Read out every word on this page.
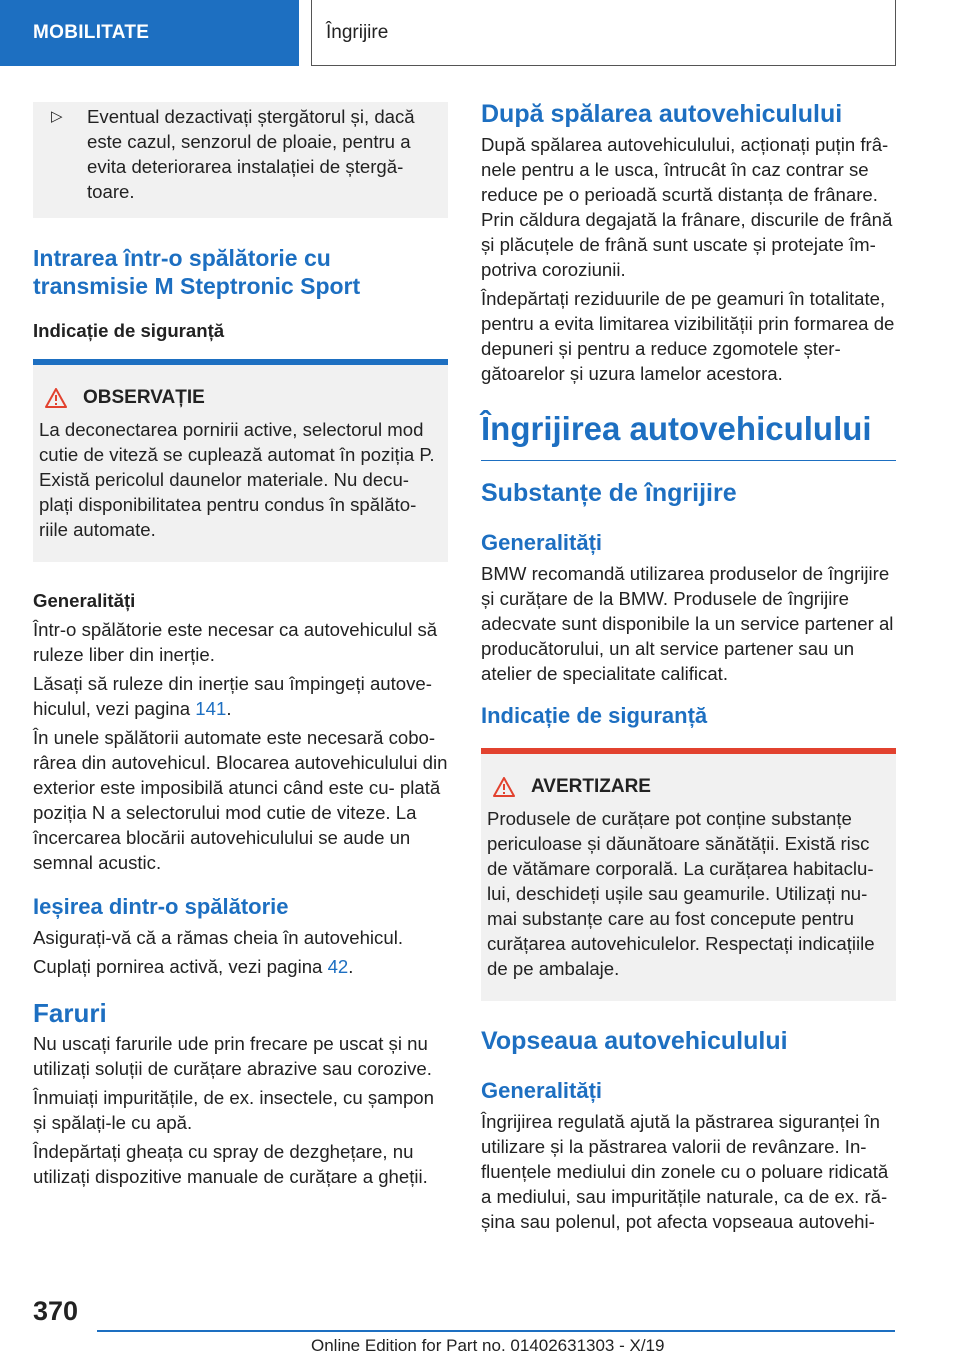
MOBILITATE	Îngrijire
▷	Eventual dezactivați ștergătorul și, dacă este cazul, senzorul de ploaie, pentru a evita deteriorarea instalației de ștergă- toare.

Intrarea într‑o spălătorie cu transmisie M Steptronic Sport

Indicație de siguranță

OBSERVAȚIE

La deconectarea pornirii active, selectorul mod cutie de viteză se cuplează automat în poziția P. Există pericolul daunelor materiale. Nu decu- plați disponibilitatea pentru condus în spălăto- riile automate.

Generalități

Într‑o spălătorie este necesar ca autovehiculul să ruleze liber din inerție.

Lăsați să ruleze din inerție sau împingeți autove- hiculul, vezi pagina 141.

În unele spălătorii automate este necesară cobo- rârea din autovehicul. Blocarea autovehiculului din exterior este imposibilă atunci când este cu- plată poziția N a selectorului mod cutie de viteze. La încercarea blocării autovehiculului se aude un semnal acustic.

Ieșirea dintr‑o spălătorie

Asigurați-vă că a rămas cheia în autovehicul.

Cuplați pornirea activă, vezi pagina 42.

Faruri

Nu uscați farurile ude prin frecare pe uscat și nu utilizați soluții de curățare abrazive sau corozive.

Înmuiați impuritățile, de ex. insectele, cu șampon și spălați-le cu apă.

Îndepărtați gheața cu spray de dezghețare, nu utilizați dispozitive manuale de curățare a gheții.

După spălarea autovehiculului

După spălarea autovehiculului, acționați puțin frâ- nele pentru a le usca, întrucât în caz contrar se reduce pe o perioadă scurtă distanța de frânare. Prin căldura degajată la frânare, discurile de frână și plăcuțele de frână sunt uscate și protejate îm- potriva coroziunii.

Îndepărtați reziduurile de pe geamuri în totalitate, pentru a evita limitarea vizibilității prin formarea de depuneri și pentru a reduce zgomotele șter- gătoarelor și uzura lamelor acestora.

Îngrijirea autovehiculului
Substanțe de îngrijire
Generalități

BMW recomandă utilizarea produselor de îngrijire și curățare de la BMW. Produsele de îngrijire adecvate sunt disponibile la un service partener al producătorului, un alt service partener sau un atelier de specialitate calificat.

Indicație de siguranță
AVERTIZARE

Produsele de curățare pot conține substanțe periculoase și dăunătoare sănătății. Există risc de vătămare corporală. La curățarea habitaclu- lui, deschideți ușile sau geamurile. Utilizați nu- mai substanțe care au fost concepute pentru curățarea autovehiculelor. Respectați indicațiile de pe ambalaje.

Vopseaua autovehiculului
Generalități

Îngrijirea regulată ajută la păstrarea siguranței în utilizare și la păstrarea valorii de revânzare. In- fluențele mediului din zonele cu o poluare ridicată a mediului, sau impuritățile naturale, ca de ex. ră- șina sau polenul, pot afecta vopseaua autovehi-

370
Online Edition for Part no. 01402631303 - X/19
